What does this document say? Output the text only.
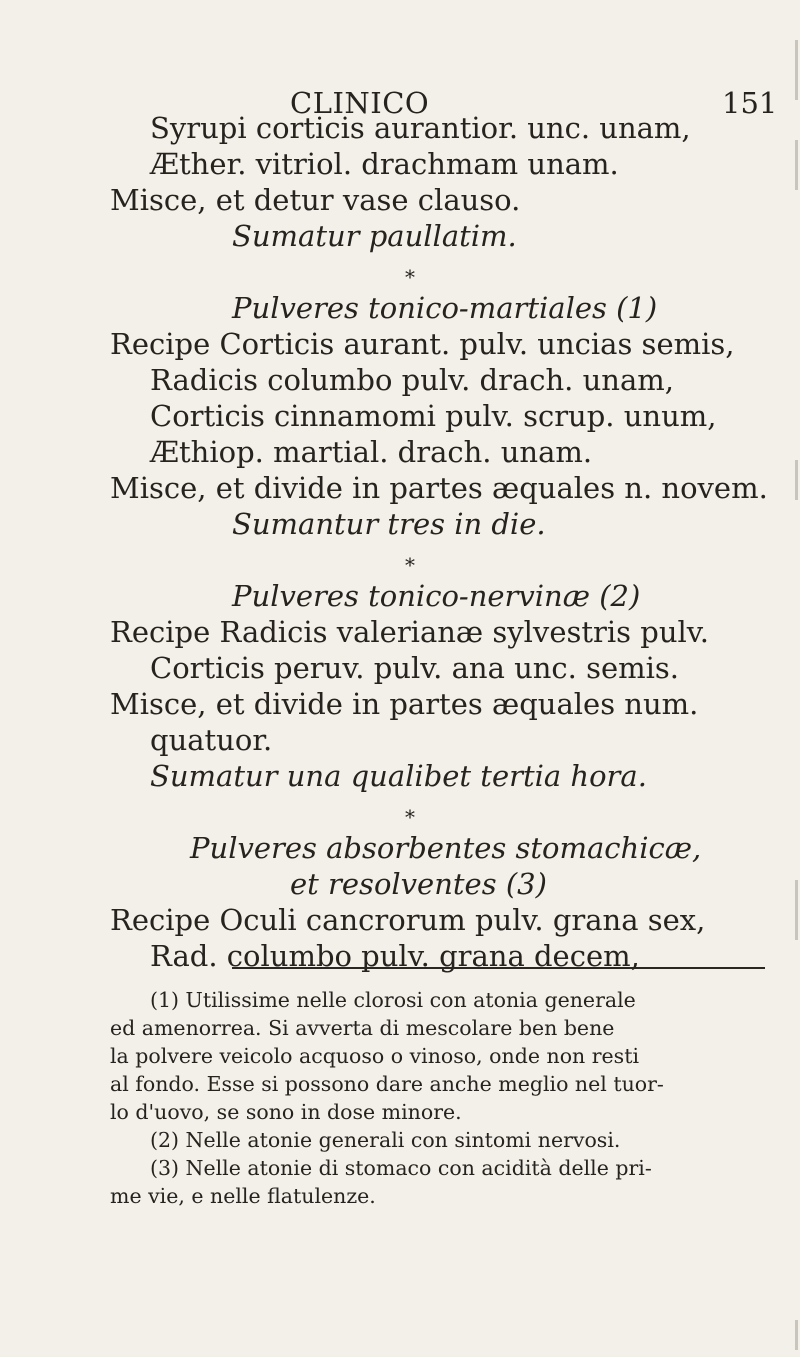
CLINICO	151
Syrupi corticis aurantior. unc. unam,
Æther. vitriol. drachmam unam.
Misce, et detur vase clauso.
Sumatur paullatim.
*
Pulveres tonico-martiales (1)
Recipe Corticis aurant. pulv. uncias semis,
Radicis columbo pulv. drach. unam,
Corticis cinnamomi pulv. scrup. unum,
Æthiop. martial. drach. unam.
Misce, et divide in partes æquales n. novem.
Sumantur tres in die.
*
Pulveres tonico-nervinæ (2)
Recipe Radicis valerianæ sylvestris pulv.
Corticis peruv. pulv. ana unc. semis.
Misce, et divide in partes æquales num.
quatuor.
Sumatur una qualibet tertia hora.
*
Pulveres absorbentes stomachicæ,
et resolventes (3)
Recipe Oculi cancrorum pulv. grana sex,
Rad. columbo pulv. grana decem,
(1) Utilissime nelle clorosi con atonia generale
ed amenorrea. Si avverta di mescolare ben bene
la polvere veicolo acquoso o vinoso, onde non resti
al fondo. Esse si possono dare anche meglio nel tuor-
lo d'uovo, se sono in dose minore.
(2) Nelle atonie generali con sintomi nervosi.
(3) Nelle atonie di stomaco con acidità delle pri-
me vie, e nelle flatulenze.
